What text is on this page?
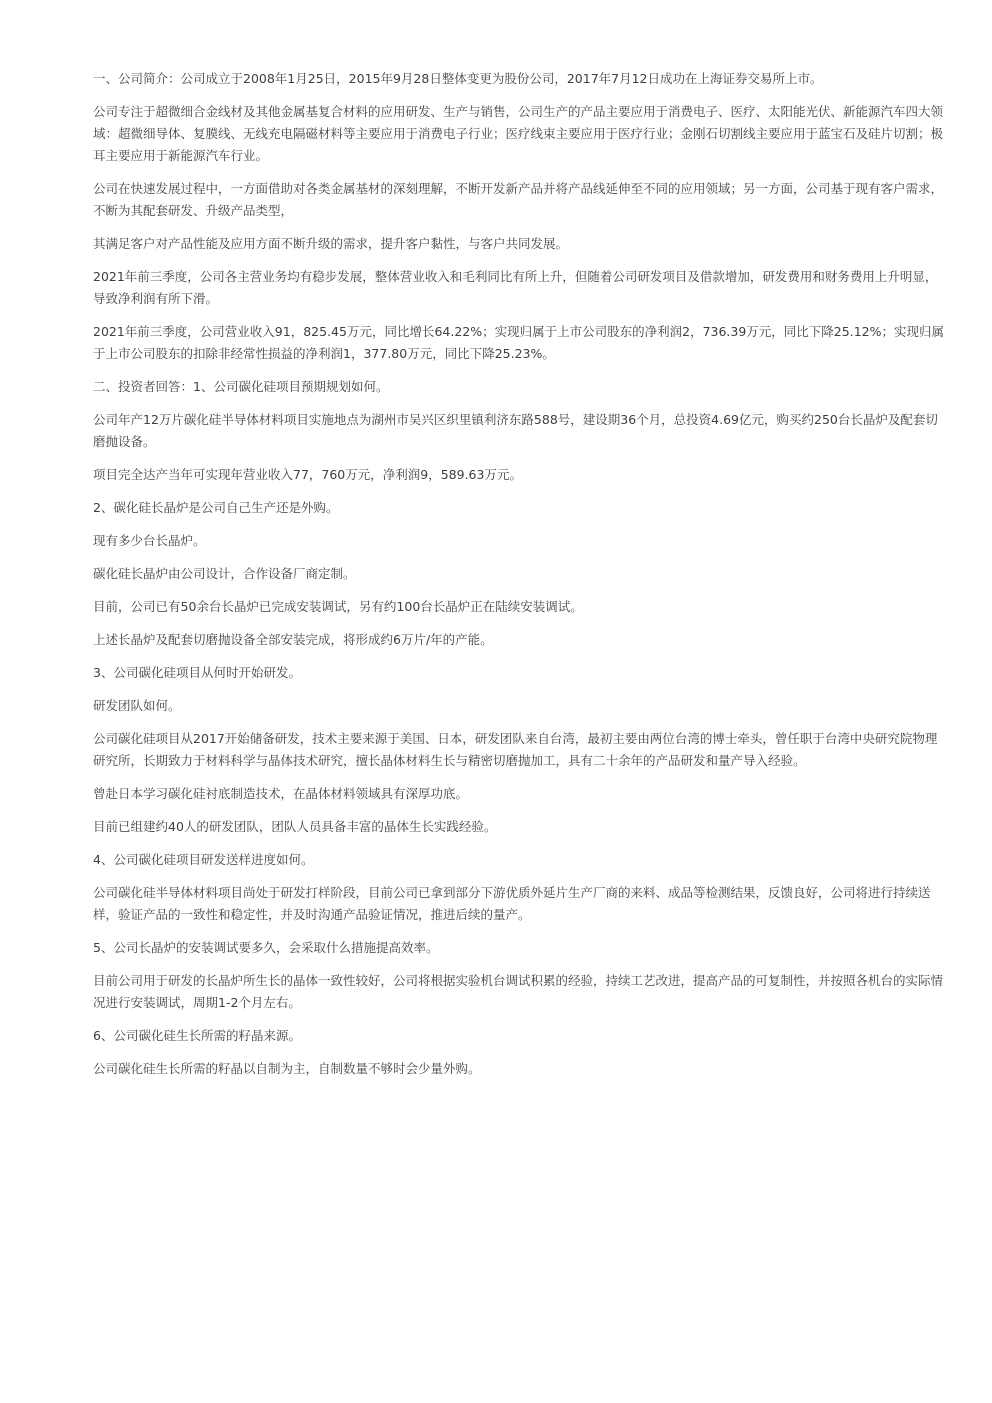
一、公司简介：公司成立于2008年1月25日，2015年9月28日整体变更为股份公司，2017年7月12日成功在上海证券交易所上市。

公司专注于超微细合金线材及其他金属基复合材料的应用研发、生产与销售，公司生产的产品主要应用于消费电子、医疗、太阳能光伏、新能源汽车四大领域：超微细导体、复膜线、无线充电隔磁材料等主要应用于消费电子行业；医疗线束主要应用于医疗行业；金刚石切割线主要应用于蓝宝石及硅片切割；极耳主要应用于新能源汽车行业。

公司在快速发展过程中，一方面借助对各类金属基材的深刻理解，不断开发新产品并将产品线延伸至不同的应用领域；另一方面，公司基于现有客户需求，不断为其配套研发、升级产品类型，

其满足客户对产品性能及应用方面不断升级的需求，提升客户黏性，与客户共同发展。

2021年前三季度，公司各主营业务均有稳步发展，整体营业收入和毛利同比有所上升，但随着公司研发项目及借款增加，研发费用和财务费用上升明显，导致净利润有所下滑。

2021年前三季度，公司营业收入91，825.45万元，同比增长64.22%；实现归属于上市公司股东的净利润2，736.39万元，同比下降25.12%；实现归属于上市公司股东的扣除非经常性损益的净利润1，377.80万元，同比下降25.23%。

二、投资者回答：1、公司碳化硅项目预期规划如何。

公司年产12万片碳化硅半导体材料项目实施地点为湖州市吴兴区织里镇利济东路588号，建设期36个月，总投资4.69亿元，购买约250台长晶炉及配套切磨抛设备。

项目完全达产当年可实现年营业收入77，760万元，净利润9，589.63万元。

2、碳化硅长晶炉是公司自己生产还是外购。

现有多少台长晶炉。

碳化硅长晶炉由公司设计，合作设备厂商定制。

目前，公司已有50余台长晶炉已完成安装调试，另有约100台长晶炉正在陆续安装调试。

上述长晶炉及配套切磨抛设备全部安装完成，将形成约6万片/年的产能。

3、公司碳化硅项目从何时开始研发。

研发团队如何。

公司碳化硅项目从2017开始储备研发，技术主要来源于美国、日本，研发团队来自台湾，最初主要由两位台湾的博士牵头，曾任职于台湾中央研究院物理研究所，长期致力于材料科学与晶体技术研究，擅长晶体材料生长与精密切磨抛加工，具有二十余年的产品研发和量产导入经验。

曾赴日本学习碳化硅衬底制造技术，在晶体材料领域具有深厚功底。

目前已组建约40人的研发团队，团队人员具备丰富的晶体生长实践经验。

4、公司碳化硅项目研发送样进度如何。

公司碳化硅半导体材料项目尚处于研发打样阶段，目前公司已拿到部分下游优质外延片生产厂商的来料、成品等检测结果，反馈良好，公司将进行持续送样，验证产品的一致性和稳定性，并及时沟通产品验证情况，推进后续的量产。

5、公司长晶炉的安装调试要多久，会采取什么措施提高效率。

目前公司用于研发的长晶炉所生长的晶体一致性较好，公司将根据实验机台调试积累的经验，持续工艺改进，提高产品的可复制性，并按照各机台的实际情况进行安装调试，周期1-2个月左右。

6、公司碳化硅生长所需的籽晶来源。

公司碳化硅生长所需的籽晶以自制为主，自制数量不够时会少量外购。
